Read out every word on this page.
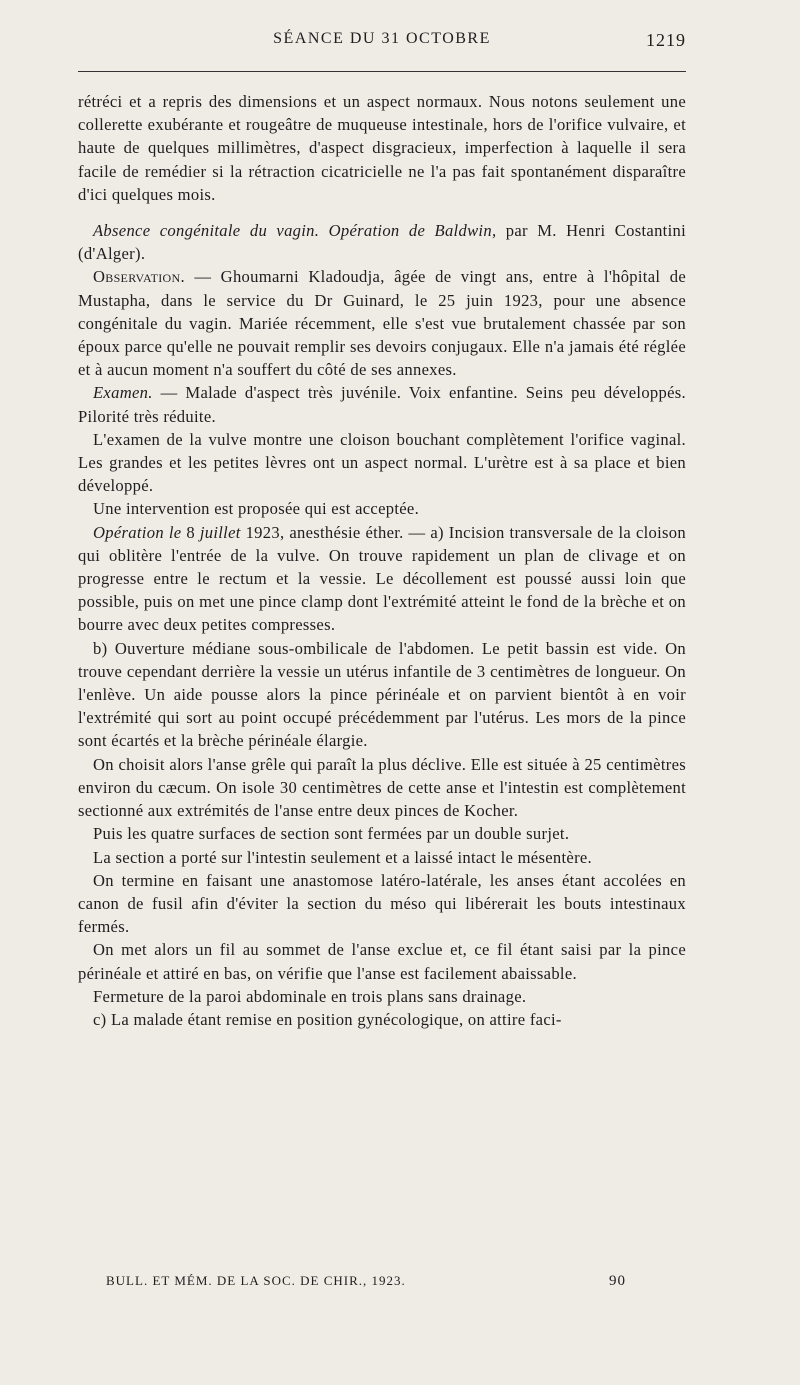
SÉANCE DU 31 OCTOBRE	1219

rétréci et a repris des dimensions et un aspect normaux. Nous notons seulement une collerette exubérante et rougeâtre de muqueuse intestinale, hors de l'orifice vulvaire, et haute de quelques millimètres, d'aspect disgracieux, imperfection à laquelle il sera facile de remédier si la rétraction cicatricielle ne l'a pas fait spontanément disparaître d'ici quelques mois.

Absence congénitale du vagin. Opération de Baldwin, par M. Henri Costantini (d'Alger).

Observation. — Ghoumarni Kladoudja, âgée de vingt ans, entre à l'hôpital de Mustapha, dans le service du Dr Guinard, le 25 juin 1923, pour une absence congénitale du vagin. Mariée récemment, elle s'est vue brutalement chassée par son époux parce qu'elle ne pouvait remplir ses devoirs conjugaux. Elle n'a jamais été réglée et à aucun moment n'a souffert du côté de ses annexes.

Examen. — Malade d'aspect très juvénile. Voix enfantine. Seins peu développés. Pilorité très réduite.

L'examen de la vulve montre une cloison bouchant complètement l'orifice vaginal. Les grandes et les petites lèvres ont un aspect normal. L'urètre est à sa place et bien développé.

Une intervention est proposée qui est acceptée.

Opération le 8 juillet 1923, anesthésie éther. — a) Incision transversale de la cloison qui oblitère l'entrée de la vulve. On trouve rapidement un plan de clivage et on progresse entre le rectum et la vessie. Le décollement est poussé aussi loin que possible, puis on met une pince clamp dont l'extrémité atteint le fond de la brèche et on bourre avec deux petites compresses.

b) Ouverture médiane sous-ombilicale de l'abdomen. Le petit bassin est vide. On trouve cependant derrière la vessie un utérus infantile de 3 centimètres de longueur. On l'enlève. Un aide pousse alors la pince périnéale et on parvient bientôt à en voir l'extrémité qui sort au point occupé précédemment par l'utérus. Les mors de la pince sont écartés et la brèche périnéale élargie.

On choisit alors l'anse grêle qui paraît la plus déclive. Elle est située à 25 centimètres environ du cæcum. On isole 30 centimètres de cette anse et l'intestin est complètement sectionné aux extrémités de l'anse entre deux pinces de Kocher.

Puis les quatre surfaces de section sont fermées par un double surjet.

La section a porté sur l'intestin seulement et a laissé intact le mésentère.

On termine en faisant une anastomose latéro-latérale, les anses étant accolées en canon de fusil afin d'éviter la section du méso qui libérerait les bouts intestinaux fermés.

On met alors un fil au sommet de l'anse exclue et, ce fil étant saisi par la pince périnéale et attiré en bas, on vérifie que l'anse est facilement abaissable.

Fermeture de la paroi abdominale en trois plans sans drainage.

c) La malade étant remise en position gynécologique, on attire faci-

BULL. ET MÉM. DE LA SOC. DE CHIR., 1923.	90
